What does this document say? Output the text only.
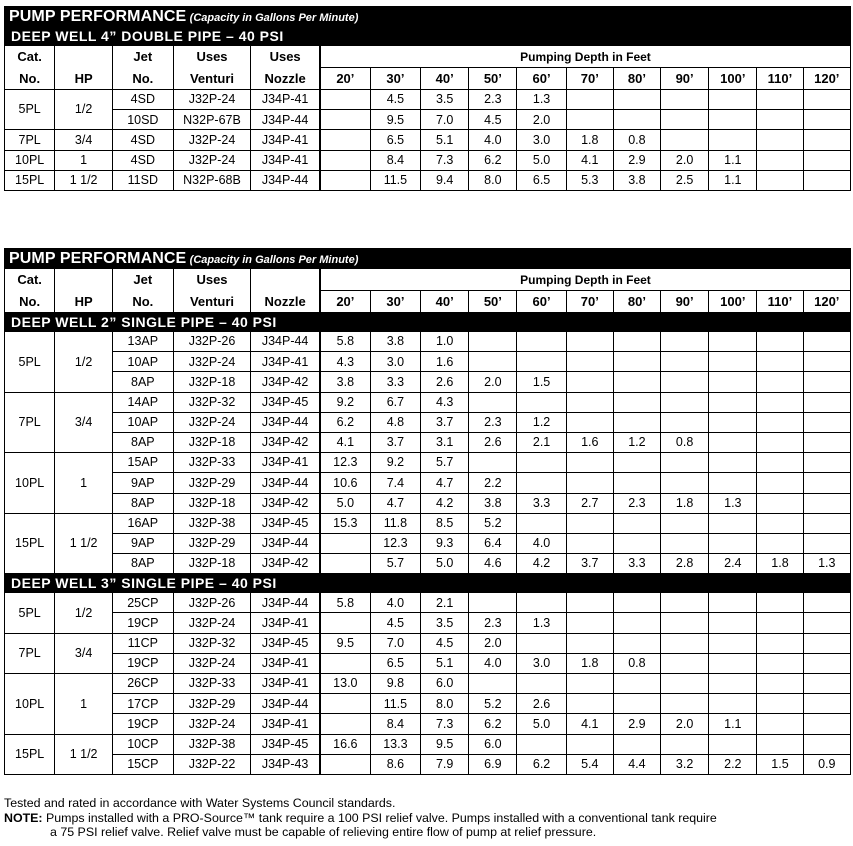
PUMP PERFORMANCE (Capacity in Gallons Per Minute)															
DEEP WELL 4” DOUBLE PIPE – 40 PSI															
Cat.		Jet	Uses	Uses	Pumping Depth in Feet										
No.	HP	No.	Venturi	Nozzle	20’	30’	40’	50’	60’	70’	80’	90’	100’	110’	120’
5PL	1/2	4SD	J32P-24	J34P-41		4.5	3.5	2.3	1.3						
		10SD	N32P-67B	J34P-44		9.5	7.0	4.5	2.0						
7PL	3/4	4SD	J32P-24	J34P-41		6.5	5.1	4.0	3.0	1.8	0.8				
10PL	1	4SD	J32P-24	J34P-41		8.4	7.3	6.2	5.0	4.1	2.9	2.0	1.1		
15PL	1 1/2	11SD	N32P-68B	J34P-44		11.5	9.4	8.0	6.5	5.3	3.8	2.5	1.1		
PUMP PERFORMANCE (Capacity in Gallons Per Minute)															
Cat.		Jet	Uses		Pumping Depth in Feet										
No.	HP	No.	Venturi	Nozzle	20’	30’	40’	50’	60’	70’	80’	90’	100’	110’	120’
DEEP WELL 2” SINGLE PIPE – 40 PSI															
5PL	1/2	13AP	J32P-26	J34P-44	5.8	3.8	1.0								
		10AP	J32P-24	J34P-41	4.3	3.0	1.6								
		8AP	J32P-18	J34P-42	3.8	3.3	2.6	2.0	1.5						
7PL	3/4	14AP	J32P-32	J34P-45	9.2	6.7	4.3								
		10AP	J32P-24	J34P-44	6.2	4.8	3.7	2.3	1.2						
		8AP	J32P-18	J34P-42	4.1	3.7	3.1	2.6	2.1	1.6	1.2	0.8			
10PL	1	15AP	J32P-33	J34P-41	12.3	9.2	5.7								
		9AP	J32P-29	J34P-44	10.6	7.4	4.7	2.2							
		8AP	J32P-18	J34P-42	5.0	4.7	4.2	3.8	3.3	2.7	2.3	1.8	1.3		
15PL	1 1/2	16AP	J32P-38	J34P-45	15.3	11.8	8.5	5.2							
		9AP	J32P-29	J34P-44		12.3	9.3	6.4	4.0						
		8AP	J32P-18	J34P-42		5.7	5.0	4.6	4.2	3.7	3.3	2.8	2.4	1.8	1.3
DEEP WELL 3” SINGLE PIPE – 40 PSI															
5PL	1/2	25CP	J32P-26	J34P-44	5.8	4.0	2.1								
		19CP	J32P-24	J34P-41		4.5	3.5	2.3	1.3						
7PL	3/4	11CP	J32P-32	J34P-45	9.5	7.0	4.5	2.0							
		19CP	J32P-24	J34P-41		6.5	5.1	4.0	3.0	1.8	0.8				
10PL	1	26CP	J32P-33	J34P-41	13.0	9.8	6.0								
		17CP	J32P-29	J34P-44		11.5	8.0	5.2	2.6						
		19CP	J32P-24	J34P-41		8.4	7.3	6.2	5.0	4.1	2.9	2.0	1.1		
15PL	1 1/2	10CP	J32P-38	J34P-45	16.6	13.3	9.5	6.0							
		15CP	J32P-22	J34P-43		8.6	7.9	6.9	6.2	5.4	4.4	3.2	2.2	1.5	0.9
Tested and rated in accordance with Water Systems Council standards.
NOTE: Pumps installed with a PRO-Source™ tank require a 100 PSI relief valve. Pumps installed with a conventional tank require
a 75 PSI relief valve. Relief valve must be capable of relieving entire flow of pump at relief pressure.
